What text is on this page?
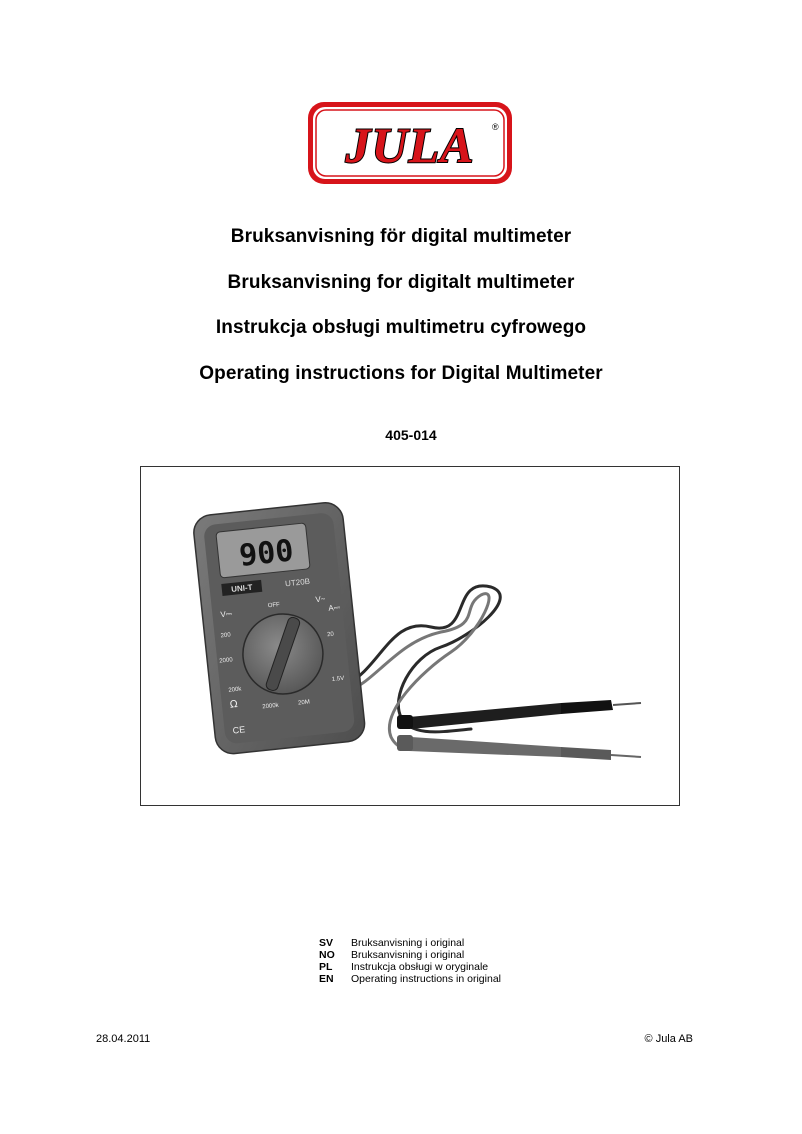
JULA ®
Bruksanvisning för digital multimeter
Bruksanvisning for digitalt multimeter
Instrukcja obsługi multimetru cyfrowego
Operating instructions for Digital Multimeter
405-014
900
UNI-T
UT20B
V⎓
OFF
V~
A⎓
200
2000
20
1.5V
200k
2000k	20M
Ω
CE
SV	Bruksanvisning i original
NO	Bruksanvisning i original
PL	Instrukcja obsługi w oryginale
EN	Operating instructions in original
28.04.2011	© Jula AB
